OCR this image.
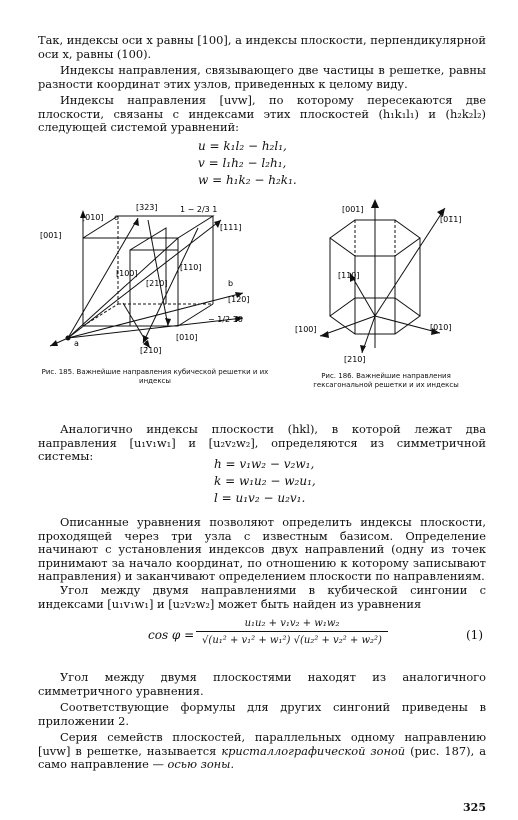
Так, индексы оси x равны [100], а индексы плоскости, перпендикулярной оси x, равны (100).
Индексы направления, связывающего две частицы в решетке, равны разности координат этих узлов, приведенных к целому виду.
Индексы направления [uvw], по которому пересекаются две плоскости, связаны с индексами этих плоскостей (h₁k₁l₁) и (h₂k₂l₂) следующей системой уравнений:
u = k₁l₂ − h₂l₁,
v = l₁h₂ − l₂h₁,
w = h₁k₂ − h₂k₁.
[010] c
[323]	1 − 2/3 1
[001]
[111]
[100]
[210]
[110]
b
[120]
− 1/2 10
[010]
a
[2̄10]
Рис. 185. Важнейшие направления кубической решетки и их индексы
[001]
[01̄1]
[110]
[100]	[010]
[210]
Рис. 186. Важнейшие направления гексагональной решетки и их индексы
Аналогично индексы плоскости (hkl), в которой лежат два направления [u₁v₁w₁] и [u₂v₂w₂], определяются из симметричной системы:
h = v₁w₂ − v₂w₁,
k = w₁u₂ − w₂u₁,
l = u₁v₂ − u₂v₁.
Описанные уравнения позволяют определить индексы плоскости, проходящей через три узла с известным базисом. Определение начинают с установления индексов двух направлений (одну из точек принимают за начало координат, по отношению к которому записывают направления) и заканчивают определением плоскости по направлениям.
Угол между двумя направлениями в кубической сингонии с индексами [u₁v₁w₁] и [u₂v₂w₂] может быть найден из уравнения
$\cos \varphi = \frac{\text{u₁u₂ + v₁v₂ + w₁w₂}}{\text{√(u₁² + v₁² + w₁²) √(u₂² + v₂² + w₂²)}}$	(1)
Угол между двумя плоскостями находят из аналогичного симметричного уравнения.
Соответствующие формулы для других сингоний приведены в приложении 2.
Серия семейств плоскостей, параллельных одному направлению [uvw] в решетке, называется кристаллографической зоной (рис. 187), а само направление — осью зоны.
325
